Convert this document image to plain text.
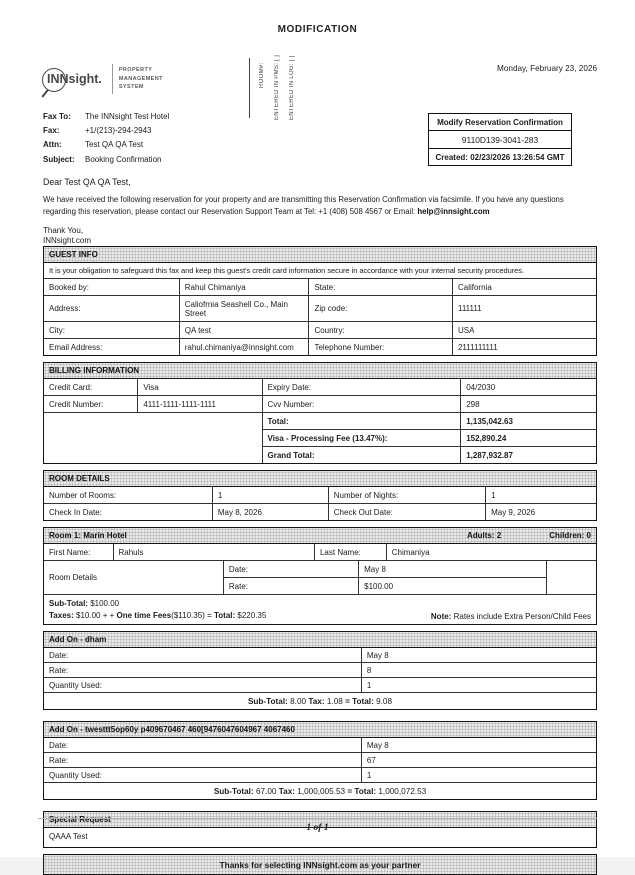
MODIFICATION
INNsight.
PROPERTY
MANAGEMENT
SYSTEM	ROOM#: ENTERED IN PMS: [ ] ENTERED IN LOG: [ ]	Monday, February 23, 2026
Fax To:	The INNsight Test Hotel
Fax:	+1/(213)-294-2943
Attn:	Test QA QA Test
Subject:	Booking Confirmation
Modify Reservation Confirmation
9110D139-3041-283
Created: 02/23/2026 13:26:54 GMT
Dear Test QA QA Test,
We have received the following reservation for your property and are transmitting this Reservation Confirmation via facsimile. If you have any questions regarding this reservation, please contact our Reservation Support Team at Tel: +1 (408) 508 4567 or Email: help@innsight.com
Thank You,
INNsight.com
GUEST INFO
It is your obligation to safeguard this fax and keep this guest's credit card information secure in accordance with your internal security procedures.
Booked by:	Rahul Chimaniya	State:	California
Address:	Caliofrnia Seashell Co., Main Street	Zip code:	111111
City:	QA test	Country:	USA
Email Address:	rahul.chimaniya@innsight.com	Telephone Number:	2111111111
BILLING INFORMATION
Credit Card:	Visa	Expiry Date:	04/2030
Credit Number:	4111-1111-1111-1111	Cvv Number:	298
		Total:	1,135,042.63
		Visa - Processing Fee (13.47%):	152,890.24
		Grand Total:	1,287,932.87
ROOM DETAILS
Number of Rooms:	1	Number of Nights:	1
Check In Date:	May 8, 2026	Check Out Date:	May 9, 2026
Room 1: Marin Hotel	Adults: 2	Children: 0
First Name:	Rahuls	Last Name:	Chimaniya
Room Details	Date:	May 8	
	Rate:	$100.00	
Sub-Total: $100.00
Taxes: $10.00 + + One time Fees($110.35) = Total: $220.35	Note: Rates include Extra Person/Child Fees
Add On - dham
Date:	May 8
Rate:	8
Quantity Used:	1
Sub-Total: 8.00 Tax: 1.08 = Total: 9.08
Add On - twesttt5op60y p409670467 460[9476047604967 4067460
Date:	May 8
Rate:	67
Quantity Used:	1
Sub-Total: 67.00 Tax: 1,000,005.53 = Total: 1,000,072.53
Special Request
QAAA Test
Thanks for selecting INNsight.com as your partner
1 of 1
